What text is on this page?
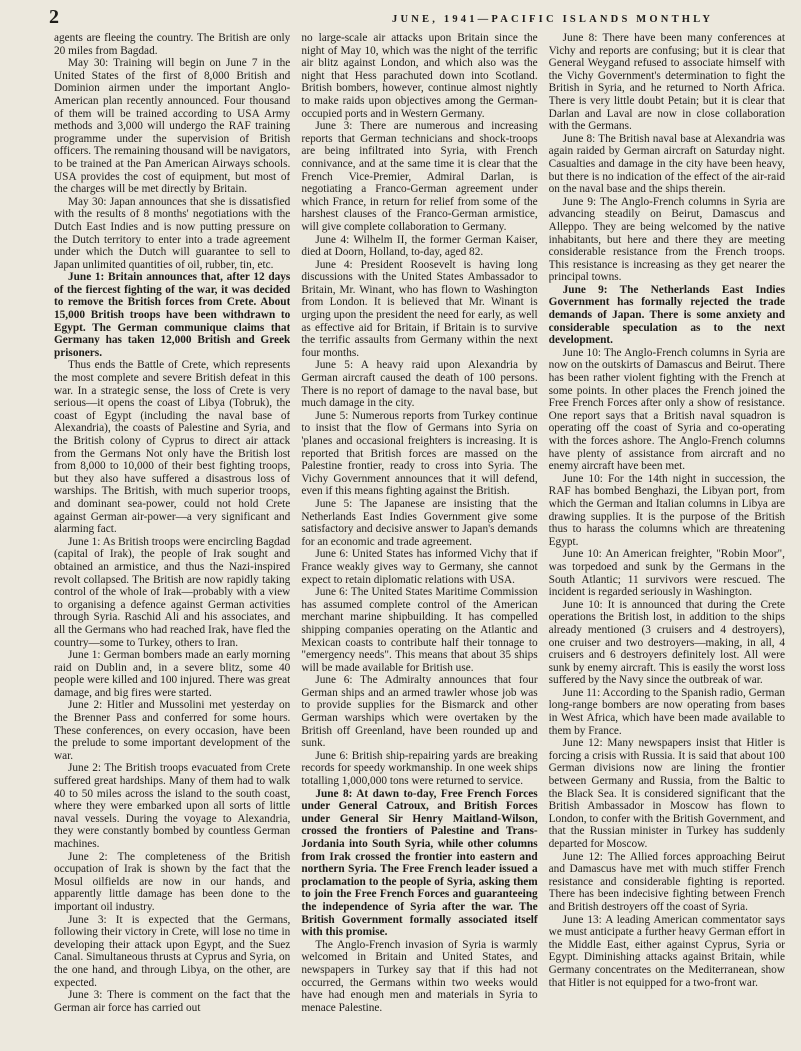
2	JUNE, 1941—PACIFIC ISLANDS MONTHLY

agents are fleeing the country. The British are only 20 miles from Bagdad.

May 30: Training will begin on June 7 in the United States of the first of 8,000 British and Dominion airmen under the important Anglo-American plan recently announced. Four thousand of them will be trained according to USA Army methods and 3,000 will undergo the RAF training programme under the supervision of British officers. The remaining thousand will be navigators, to be trained at the Pan American Airways schools. USA provides the cost of equipment, but most of the charges will be met directly by Britain.

May 30: Japan announces that she is dissatisfied with the results of 8 months' negotiations with the Dutch East Indies and is now putting pressure on the Dutch territory to enter into a trade agreement under which the Dutch will guarantee to sell to Japan unlimited quantities of oil, rubber, tin, etc.

June 1: Britain announces that, after 12 days of the fiercest fighting of the war, it was decided to remove the British forces from Crete. About 15,000 British troops have been withdrawn to Egypt. The German communique claims that Germany has taken 12,000 British and Greek prisoners.

Thus ends the Battle of Crete, which represents the most complete and severe British defeat in this war. In a strategic sense, the loss of Crete is very serious—it opens the coast of Libya (Tobruk), the coast of Egypt (including the naval base of Alexandria), the coasts of Palestine and Syria, and the British colony of Cyprus to direct air attack from the Germans Not only have the British lost from 8,000 to 10,000 of their best fighting troops, but they also have suffered a disastrous loss of warships. The British, with much superior troops, and dominant sea-power, could not hold Crete against German air-power—a very significant and alarming fact.

June 1: As British troops were encircling Bagdad (capital of Irak), the people of Irak sought and obtained an armistice, and thus the Nazi-inspired revolt collapsed. The British are now rapidly taking control of the whole of Irak—probably with a view to organising a defence against German activities through Syria. Raschid Ali and his associates, and all the Germans who had reached Irak, have fled the country—some to Turkey, others to Iran.

June 1: German bombers made an early morning raid on Dublin and, in a severe blitz, some 40 people were killed and 100 injured. There was great damage, and big fires were started.

June 2: Hitler and Mussolini met yesterday on the Brenner Pass and conferred for some hours. These conferences, on every occasion, have been the prelude to some important development of the war.

June 2: The British troops evacuated from Crete suffered great hardships. Many of them had to walk 40 to 50 miles across the island to the south coast, where they were embarked upon all sorts of little naval vessels. During the voyage to Alexandria, they were constantly bombed by countless German machines.

June 2: The completeness of the British occupation of Irak is shown by the fact that the Mosul oilfields are now in our hands, and apparently little damage has been done to the important oil industry.

June 3: It is expected that the Germans, following their victory in Crete, will lose no time in developing their attack upon Egypt, and the Suez Canal. Simultaneous thrusts at Cyprus and Syria, on the one hand, and through Libya, on the other, are expected.

June 3: There is comment on the fact that the German air force has carried out

no large-scale air attacks upon Britain since the night of May 10, which was the night of the terrific air blitz against London, and which also was the night that Hess parachuted down into Scotland. British bombers, however, continue almost nightly to make raids upon objectives among the German-occupied ports and in Western Germany.

June 3: There are numerous and increasing reports that German technicians and shock-troops are being infiltrated into Syria, with French connivance, and at the same time it is clear that the French Vice-Premier, Admiral Darlan, is negotiating a Franco-German agreement under which France, in return for relief from some of the harshest clauses of the Franco-German armistice, will give complete collaboration to Germany.

June 4: Wilhelm II, the former German Kaiser, died at Doorn, Holland, to-day, aged 82.

June 4: President Roosevelt is having long discussions with the United States Ambassador to Britain, Mr. Winant, who has flown to Washington from London. It is believed that Mr. Winant is urging upon the president the need for early, as well as effective aid for Britain, if Britain is to survive the terrific assaults from Germany within the next four months.

June 5: A heavy raid upon Alexandria by German aircraft caused the death of 100 persons. There is no report of damage to the naval base, but much damage in the city.

June 5: Numerous reports from Turkey continue to insist that the flow of Germans into Syria on 'planes and occasional freighters is increasing. It is reported that British forces are massed on the Palestine frontier, ready to cross into Syria. The Vichy Government announces that it will defend, even if this means fighting against the British.

June 5: The Japanese are insisting that the Netherlands East Indies Government give some satisfactory and decisive answer to Japan's demands for an economic and trade agreement.

June 6: United States has informed Vichy that if France weakly gives way to Germany, she cannot expect to retain diplomatic relations with USA.

June 6: The United States Maritime Commission has assumed complete control of the American merchant marine shipbuilding. It has compelled shipping companies operating on the Atlantic and Mexican coasts to contribute half their tonnage to "emergency needs". This means that about 35 ships will be made available for British use.

June 6: The Admiralty announces that four German ships and an armed trawler whose job was to provide supplies for the Bismarck and other German warships which were overtaken by the British off Greenland, have been rounded up and sunk.

June 6: British ship-repairing yards are breaking records for speedy workmanship. In one week ships totalling 1,000,000 tons were returned to service.

June 8: At dawn to-day, Free French Forces under General Catroux, and British Forces under General Sir Henry Maitland-Wilson, crossed the frontiers of Palestine and Trans-Jordania into South Syria, while other columns from Irak crossed the frontier into eastern and northern Syria. The Free French leader issued a proclamation to the people of Syria, asking them to join the Free French Forces and guaranteeing the independence of Syria after the war. The British Government formally associated itself with this promise.

The Anglo-French invasion of Syria is warmly welcomed in Britain and United States, and newspapers in Turkey say that if this had not occurred, the Germans within two weeks would have had enough men and materials in Syria to menace Palestine.

June 8: There have been many conferences at Vichy and reports are confusing; but it is clear that General Weygand refused to associate himself with the Vichy Government's determination to fight the British in Syria, and he returned to North Africa. There is very little doubt Petain; but it is clear that Darlan and Laval are now in close collaboration with the Germans.

June 8: The British naval base at Alexandria was again raided by German aircraft on Saturday night. Casualties and damage in the city have been heavy, but there is no indication of the effect of the air-raid on the naval base and the ships therein.

June 9: The Anglo-French columns in Syria are advancing steadily on Beirut, Damascus and Alleppo. They are being welcomed by the native inhabitants, but here and there they are meeting considerable resistance from the French troops. This resistance is increasing as they get nearer the principal towns.

June 9: The Netherlands East Indies Government has formally rejected the trade demands of Japan. There is some anxiety and considerable speculation as to the next development.

June 10: The Anglo-French columns in Syria are now on the outskirts of Damascus and Beirut. There has been rather violent fighting with the French at some points. In other places the French joined the Free French Forces after only a show of resistance. One report says that a British naval squadron is operating off the coast of Syria and co-operating with the forces ashore. The Anglo-French columns have plenty of assistance from aircraft and no enemy aircraft have been met.

June 10: For the 14th night in succession, the RAF has bombed Benghazi, the Libyan port, from which the German and Italian columns in Libya are drawing supplies. It is the purpose of the British thus to harass the columns which are threatening Egypt.

June 10: An American freighter, "Robin Moor", was torpedoed and sunk by the Germans in the South Atlantic; 11 survivors were rescued. The incident is regarded seriously in Washington.

June 10: It is announced that during the Crete operations the British lost, in addition to the ships already mentioned (3 cruisers and 4 destroyers), one cruiser and two destroyers—making, in all, 4 cruisers and 6 destroyers definitely lost. All were sunk by enemy aircraft. This is easily the worst loss suffered by the Navy since the outbreak of war.

June 11: According to the Spanish radio, German long-range bombers are now operating from bases in West Africa, which have been made available to them by France.

June 12: Many newspapers insist that Hitler is forcing a crisis with Russia. It is said that about 100 German divisions now are lining the frontier between Germany and Russia, from the Baltic to the Black Sea. It is considered significant that the British Ambassador in Moscow has flown to London, to confer with the British Government, and that the Russian minister in Turkey has suddenly departed for Moscow.

June 12: The Allied forces approaching Beirut and Damascus have met with much stiffer French resistance and considerable fighting is reported. There has been indecisive fighting between French and British destroyers off the coast of Syria.

June 13: A leading American commentator says we must anticipate a further heavy German effort in the Middle East, either against Cyprus, Syria or Egypt. Diminishing attacks against Britain, while Germany concentrates on the Mediterranean, show that Hitler is not equipped for a two-front war.
